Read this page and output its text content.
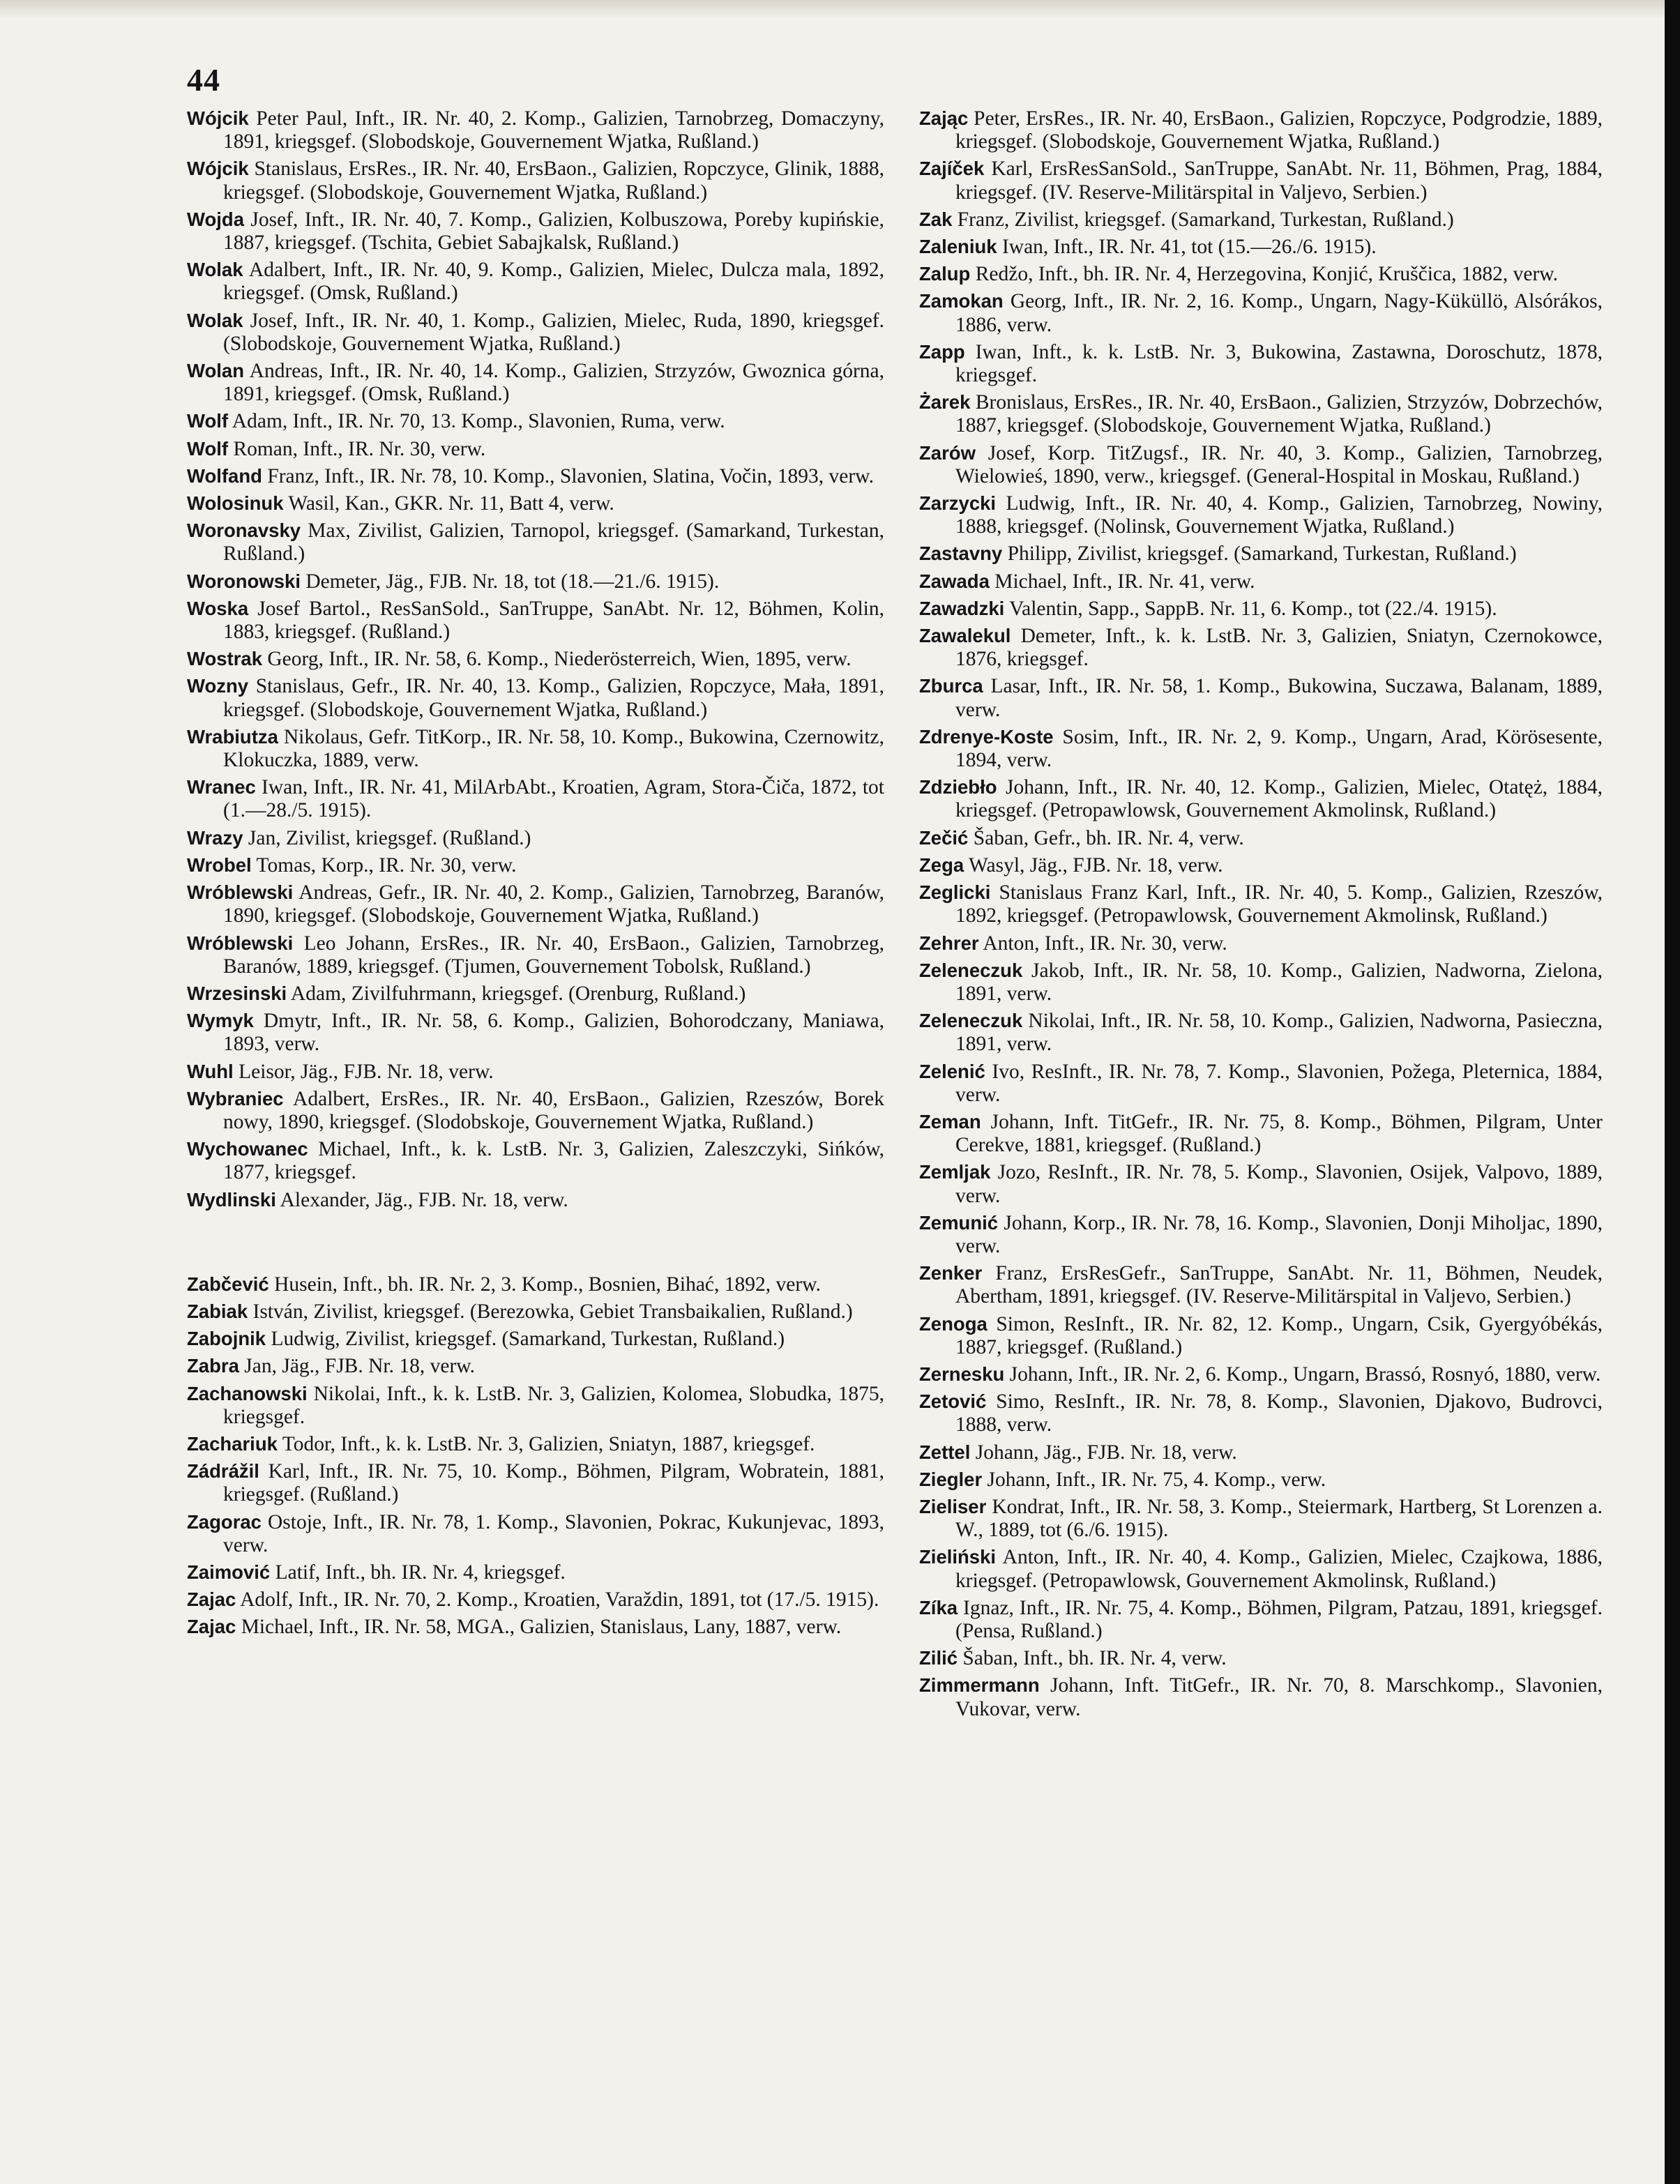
44
Wójcik Peter Paul, Inft., IR. Nr. 40, 2. Komp., Galizien, Tarnobrzeg, Domaczyny, 1891, kriegsgef. (Slobodskoje, Gouvernement Wjatka, Rußland.)
Wójcik Stanislaus, ErsRes., IR. Nr. 40, ErsBaon., Galizien, Ropczyce, Glinik, 1888, kriegsgef. (Slobodskoje, Gouvernement Wjatka, Rußland.)
Wojda Josef, Inft., IR. Nr. 40, 7. Komp., Galizien, Kolbuszowa, Poreby kupińskie, 1887, kriegsgef. (Tschita, Gebiet Sabajkalsk, Rußland.)
Wolak Adalbert, Inft., IR. Nr. 40, 9. Komp., Galizien, Mielec, Dulcza mala, 1892, kriegsgef. (Omsk, Rußland.)
Wolak Josef, Inft., IR. Nr. 40, 1. Komp., Galizien, Mielec, Ruda, 1890, kriegsgef. (Slobodskoje, Gouvernement Wjatka, Rußland.)
Wolan Andreas, Inft., IR. Nr. 40, 14. Komp., Galizien, Strzyzów, Gwoznica górna, 1891, kriegsgef. (Omsk, Rußland.)
Wolf Adam, Inft., IR. Nr. 70, 13. Komp., Slavonien, Ruma, verw.
Wolf Roman, Inft., IR. Nr. 30, verw.
Wolfand Franz, Inft., IR. Nr. 78, 10. Komp., Slavonien, Slatina, Vočin, 1893, verw.
Wolosinuk Wasil, Kan., GKR. Nr. 11, Batt 4, verw.
Woronavsky Max, Zivilist, Galizien, Tarnopol, kriegsgef. (Samarkand, Turkestan, Rußland.)
Woronowski Demeter, Jäg., FJB. Nr. 18, tot (18.—21./6. 1915).
Woska Josef Bartol., ResSanSold., SanTruppe, SanAbt. Nr. 12, Böhmen, Kolin, 1883, kriegsgef. (Rußland.)
Wostrak Georg, Inft., IR. Nr. 58, 6. Komp., Niederösterreich, Wien, 1895, verw.
Wozny Stanislaus, Gefr., IR. Nr. 40, 13. Komp., Galizien, Ropczyce, Mała, 1891, kriegsgef. (Slobodskoje, Gouvernement Wjatka, Rußland.)
Wrabiutza Nikolaus, Gefr. TitKorp., IR. Nr. 58, 10. Komp., Bukowina, Czernowitz, Klokuczka, 1889, verw.
Wranec Iwan, Inft., IR. Nr. 41, MilArbAbt., Kroatien, Agram, Stora-Čiča, 1872, tot (1.—28./5. 1915).
Wrazy Jan, Zivilist, kriegsgef. (Rußland.)
Wrobel Tomas, Korp., IR. Nr. 30, verw.
Wróblewski Andreas, Gefr., IR. Nr. 40, 2. Komp., Galizien, Tarnobrzeg, Baranów, 1890, kriegsgef. (Slobodskoje, Gouvernement Wjatka, Rußland.)
Wróblewski Leo Johann, ErsRes., IR. Nr. 40, ErsBaon., Galizien, Tarnobrzeg, Baranów, 1889, kriegsgef. (Tjumen, Gouvernement Tobolsk, Rußland.)
Wrzesinski Adam, Zivilfuhrmann, kriegsgef. (Orenburg, Rußland.)
Wymyk Dmytr, Inft., IR. Nr. 58, 6. Komp., Galizien, Bohorodczany, Maniawa, 1893, verw.
Wuhl Leisor, Jäg., FJB. Nr. 18, verw.
Wybraniec Adalbert, ErsRes., IR. Nr. 40, ErsBaon., Galizien, Rzeszów, Borek nowy, 1890, kriegsgef. (Slodobskoje, Gouvernement Wjatka, Rußland.)
Wychowanec Michael, Inft., k. k. LstB. Nr. 3, Galizien, Zaleszczyki, Sińków, 1877, kriegsgef.
Wydlinski Alexander, Jäg., FJB. Nr. 18, verw.
Zabčević Husein, Inft., bh. IR. Nr. 2, 3. Komp., Bosnien, Bihać, 1892, verw.
Zabiak István, Zivilist, kriegsgef. (Berezowka, Gebiet Transbaikalien, Rußland.)
Zabojnik Ludwig, Zivilist, kriegsgef. (Samarkand, Turkestan, Rußland.)
Zabra Jan, Jäg., FJB. Nr. 18, verw.
Zachanowski Nikolai, Inft., k. k. LstB. Nr. 3, Galizien, Kolomea, Slobudka, 1875, kriegsgef.
Zachariuk Todor, Inft., k. k. LstB. Nr. 3, Galizien, Sniatyn, 1887, kriegsgef.
Zádrážil Karl, Inft., IR. Nr. 75, 10. Komp., Böhmen, Pilgram, Wobratein, 1881, kriegsgef. (Rußland.)
Zagorac Ostoje, Inft., IR. Nr. 78, 1. Komp., Slavonien, Pokrac, Kukunjevac, 1893, verw.
Zaimović Latif, Inft., bh. IR. Nr. 4, kriegsgef.
Zajac Adolf, Inft., IR. Nr. 70, 2. Komp., Kroatien, Varaždin, 1891, tot (17./5. 1915).
Zajac Michael, Inft., IR. Nr. 58, MGA., Galizien, Stanislaus, Lany, 1887, verw.
Zając Peter, ErsRes., IR. Nr. 40, ErsBaon., Galizien, Ropczyce, Podgrodzie, 1889, kriegsgef. (Slobodskoje, Gouvernement Wjatka, Rußland.)
Zajíček Karl, ErsResSanSold., SanTruppe, SanAbt. Nr. 11, Böhmen, Prag, 1884, kriegsgef. (IV. Reserve-Militärspital in Valjevo, Serbien.)
Zak Franz, Zivilist, kriegsgef. (Samarkand, Turkestan, Rußland.)
Zaleniuk Iwan, Inft., IR. Nr. 41, tot (15.—26./6. 1915).
Zalup Redžo, Inft., bh. IR. Nr. 4, Herzegovina, Konjić, Kruščica, 1882, verw.
Zamokan Georg, Inft., IR. Nr. 2, 16. Komp., Ungarn, Nagy-Küküllö, Alsórákos, 1886, verw.
Zapp Iwan, Inft., k. k. LstB. Nr. 3, Bukowina, Zastawna, Doroschutz, 1878, kriegsgef.
Żarek Bronislaus, ErsRes., IR. Nr. 40, ErsBaon., Galizien, Strzyzów, Dobrzechów, 1887, kriegsgef. (Slobodskoje, Gouvernement Wjatka, Rußland.)
Zarów Josef, Korp. TitZugsf., IR. Nr. 40, 3. Komp., Galizien, Tarnobrzeg, Wielowieś, 1890, verw., kriegsgef. (General-Hospital in Moskau, Rußland.)
Zarzycki Ludwig, Inft., IR. Nr. 40, 4. Komp., Galizien, Tarnobrzeg, Nowiny, 1888, kriegsgef. (Nolinsk, Gouvernement Wjatka, Rußland.)
Zastavny Philipp, Zivilist, kriegsgef. (Samarkand, Turkestan, Rußland.)
Zawada Michael, Inft., IR. Nr. 41, verw.
Zawadzki Valentin, Sapp., SappB. Nr. 11, 6. Komp., tot (22./4. 1915).
Zawalekul Demeter, Inft., k. k. LstB. Nr. 3, Galizien, Sniatyn, Czernokowce, 1876, kriegsgef.
Zburca Lasar, Inft., IR. Nr. 58, 1. Komp., Bukowina, Suczawa, Balanam, 1889, verw.
Zdrenye-Koste Sosim, Inft., IR. Nr. 2, 9. Komp., Ungarn, Arad, Körösesente, 1894, verw.
Zdziebło Johann, Inft., IR. Nr. 40, 12. Komp., Galizien, Mielec, Otatęż, 1884, kriegsgef. (Petropawlowsk, Gouvernement Akmolinsk, Rußland.)
Zečić Šaban, Gefr., bh. IR. Nr. 4, verw.
Zega Wasyl, Jäg., FJB. Nr. 18, verw.
Zeglicki Stanislaus Franz Karl, Inft., IR. Nr. 40, 5. Komp., Galizien, Rzeszów, 1892, kriegsgef. (Petropawlowsk, Gouvernement Akmolinsk, Rußland.)
Zehrer Anton, Inft., IR. Nr. 30, verw.
Zeleneczuk Jakob, Inft., IR. Nr. 58, 10. Komp., Galizien, Nadworna, Zielona, 1891, verw.
Zeleneczuk Nikolai, Inft., IR. Nr. 58, 10. Komp., Galizien, Nadworna, Pasieczna, 1891, verw.
Zelenić Ivo, ResInft., IR. Nr. 78, 7. Komp., Slavonien, Požega, Pleternica, 1884, verw.
Zeman Johann, Inft. TitGefr., IR. Nr. 75, 8. Komp., Böhmen, Pilgram, Unter Cerekve, 1881, kriegsgef. (Rußland.)
Zemljak Jozo, ResInft., IR. Nr. 78, 5. Komp., Slavonien, Osijek, Valpovo, 1889, verw.
Zemunić Johann, Korp., IR. Nr. 78, 16. Komp., Slavonien, Donji Miholjac, 1890, verw.
Zenker Franz, ErsResGefr., SanTruppe, SanAbt. Nr. 11, Böhmen, Neudek, Abertham, 1891, kriegsgef. (IV. Reserve-Militärspital in Valjevo, Serbien.)
Zenoga Simon, ResInft., IR. Nr. 82, 12. Komp., Ungarn, Csik, Gyergyóbékás, 1887, kriegsgef. (Rußland.)
Zernesku Johann, Inft., IR. Nr. 2, 6. Komp., Ungarn, Brassó, Rosnyó, 1880, verw.
Zetović Simo, ResInft., IR. Nr. 78, 8. Komp., Slavonien, Djakovo, Budrovci, 1888, verw.
Zettel Johann, Jäg., FJB. Nr. 18, verw.
Ziegler Johann, Inft., IR. Nr. 75, 4. Komp., verw.
Zieliser Kondrat, Inft., IR. Nr. 58, 3. Komp., Steiermark, Hartberg, St Lorenzen a. W., 1889, tot (6./6. 1915).
Zieliński Anton, Inft., IR. Nr. 40, 4. Komp., Galizien, Mielec, Czajkowa, 1886, kriegsgef. (Petropawlowsk, Gouvernement Akmolinsk, Rußland.)
Zíka Ignaz, Inft., IR. Nr. 75, 4. Komp., Böhmen, Pilgram, Patzau, 1891, kriegsgef. (Pensa, Rußland.)
Zilić Šaban, Inft., bh. IR. Nr. 4, verw.
Zimmermann Johann, Inft. TitGefr., IR. Nr. 70, 8. Marschkomp., Slavonien, Vukovar, verw.
